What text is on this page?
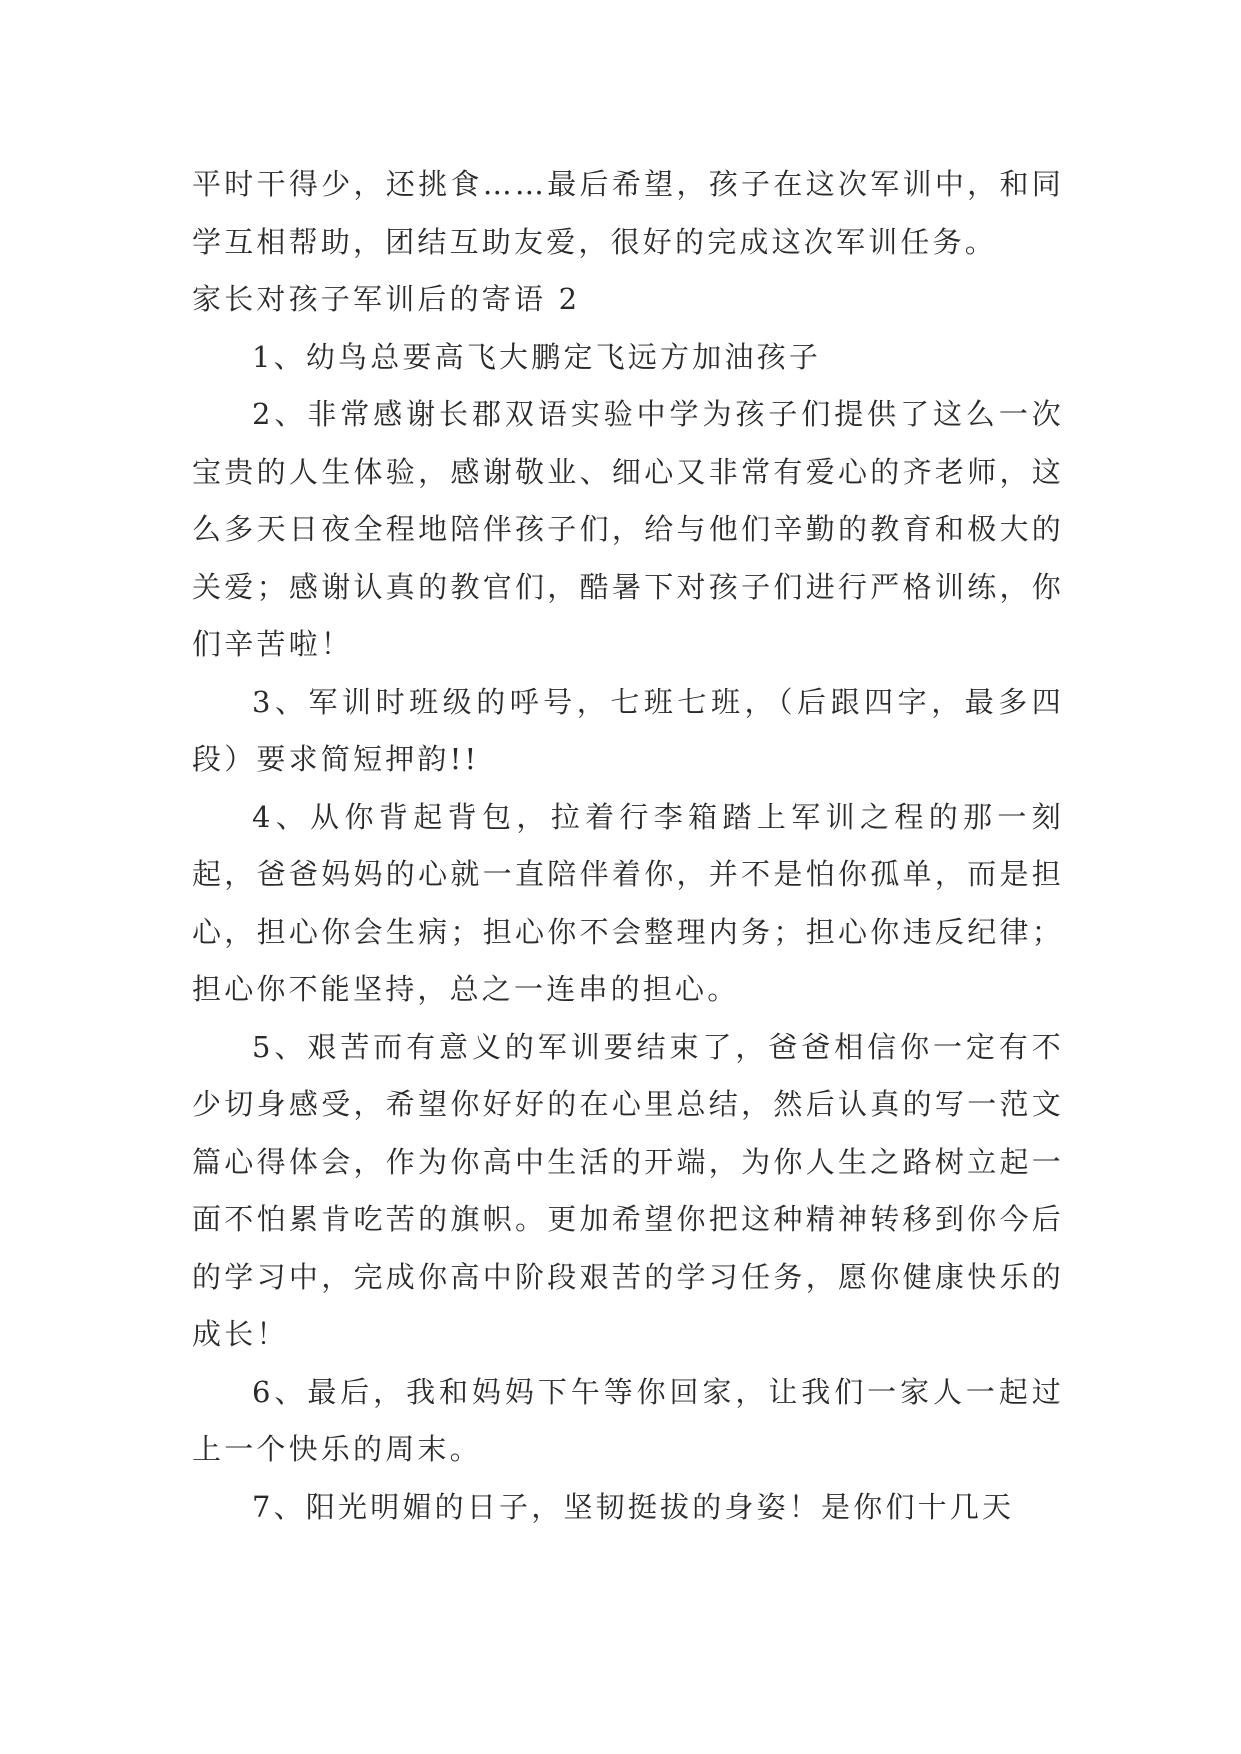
平时干得少，还挑食……最后希望，孩子在这次军训中，和同学互相帮助，团结互助友爱，很好的完成这次军训任务。

家长对孩子军训后的寄语 2

1、幼鸟总要高飞大鹏定飞远方加油孩子

2、非常感谢长郡双语实验中学为孩子们提供了这么一次宝贵的人生体验，感谢敬业、细心又非常有爱心的齐老师，这么多天日夜全程地陪伴孩子们，给与他们辛勤的教育和极大的关爱；感谢认真的教官们，酷暑下对孩子们进行严格训练，你们辛苦啦！

3、军训时班级的呼号，七班七班，（后跟四字，最多四段）要求简短押韵!!

4、从你背起背包，拉着行李箱踏上军训之程的那一刻起，爸爸妈妈的心就一直陪伴着你，并不是怕你孤单，而是担心，担心你会生病；担心你不会整理内务；担心你违反纪律；担心你不能坚持，总之一连串的担心。

5、艰苦而有意义的军训要结束了，爸爸相信你一定有不少切身感受，希望你好好的在心里总结，然后认真的写一范文篇心得体会，作为你高中生活的开端，为你人生之路树立起一面不怕累肯吃苦的旗帜。更加希望你把这种精神转移到你今后的学习中，完成你高中阶段艰苦的学习任务，愿你健康快乐的成长！

6、最后，我和妈妈下午等你回家，让我们一家人一起过上一个快乐的周末。

7、阳光明媚的日子，坚韧挺拔的身姿！是你们十几天
